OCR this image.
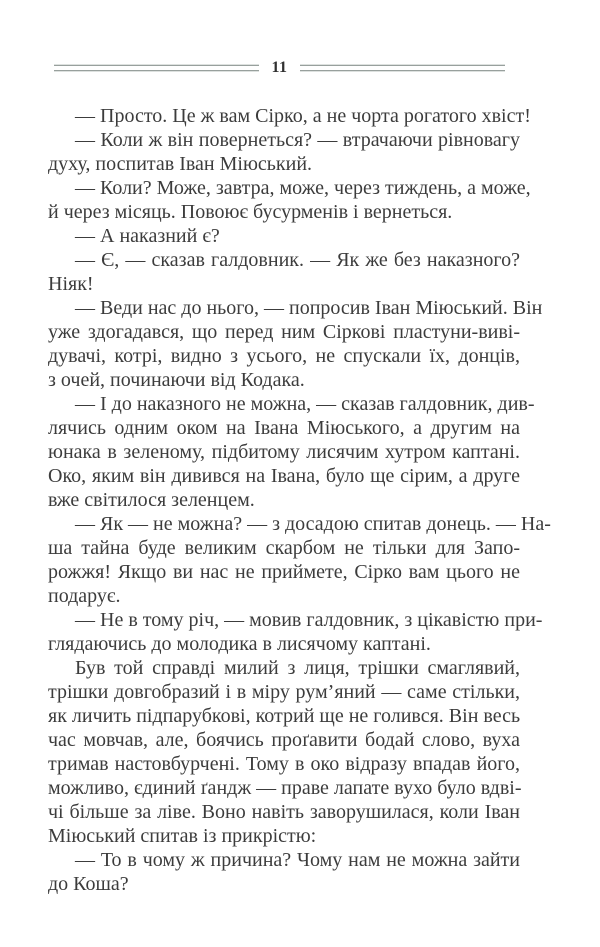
11
— Просто. Це ж вам Сірко, а не чорта рогатого хвіст!
— Коли ж він повернеться? — втрачаючи рівновагу
духу, поспитав Іван Міюський.
— Коли? Може, завтра, може, через тиждень, а може,
й через місяць. Повоює бусурменів і вернеться.
— А наказний є?
— Є, — сказав галдовник. — Як же без наказного?
Ніяк!
— Веди нас до нього, — попросив Іван Міюський. Він
уже здогадався, що перед ним Сіркові пластуни-виві-
дувачі, котрі, видно з усього, не спускали їх, донців,
з очей, починаючи від Кодака.
— І до наказного не можна, — сказав галдовник, див-
лячись одним оком на Івана Міюського, а другим на
юнака в зеленому, підбитому лисячим хутром каптані.
Око, яким він дивився на Івана, було ще сірим, а друге
вже світилося зеленцем.
— Як — не можна? — з досадою спитав донець. — На-
ша тайна буде великим скарбом не тільки для Запо-
рожжя! Якщо ви нас не приймете, Сірко вам цього не
подарує.
— Не в тому річ, — мовив галдовник, з цікавістю при-
глядаючись до молодика в лисячому каптані.
Був той справді милий з лиця, трішки смаглявий,
трішки довгобразий і в міру рум’яний — саме стільки,
як личить підпарубкові, котрий ще не голився. Він весь
час мовчав, але, боячись проґавити бодай слово, вуха
тримав настовбурчені. Тому в око відразу впадав його,
можливо, єдиний ґандж — праве лапате вухо було вдві-
чі більше за ліве. Воно навіть заворушилася, коли Іван
Міюський спитав із прикрістю:
— То в чому ж причина? Чому нам не можна зайти
до Коша?
